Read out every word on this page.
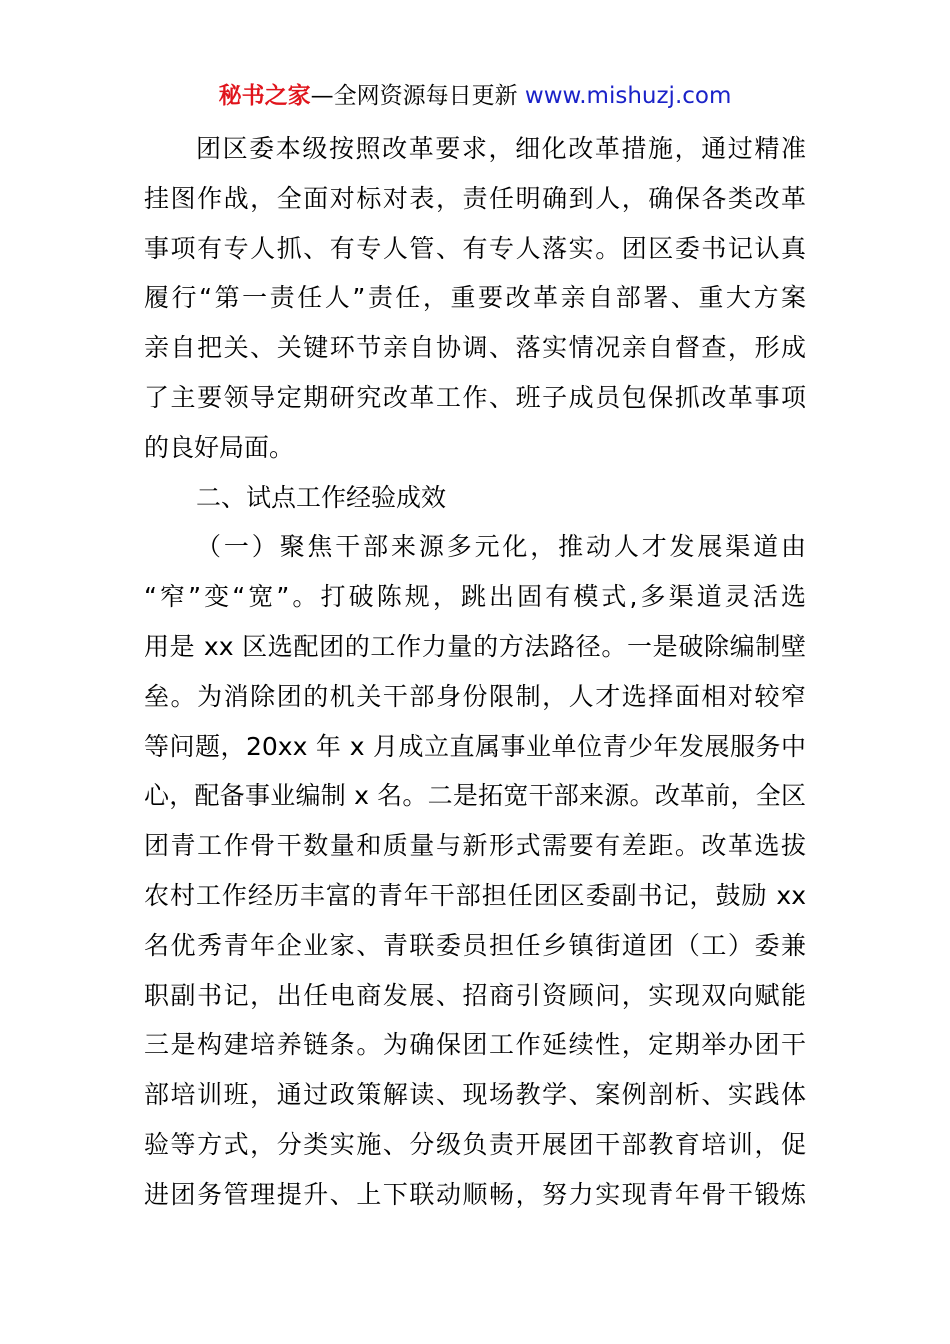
秘书之家—全网资源每日更新 www.mishuzj.com
团区委本级按照改革要求，细化改革措施，通过精准
挂图作战，全面对标对表，责任明确到人，确保各类改革
事项有专人抓、有专人管、有专人落实。团区委书记认真
履行“第一责任人”责任，重要改革亲自部署、重大方案
亲自把关、关键环节亲自协调、落实情况亲自督查，形成
了主要领导定期研究改革工作、班子成员包保抓改革事项
的良好局面。
二、试点工作经验成效
（一）聚焦干部来源多元化，推动人才发展渠道由
“窄”变“宽”。打破陈规，跳出固有模式,多渠道灵活选
用是 xx 区选配团的工作力量的方法路径。一是破除编制壁
垒。为消除团的机关干部身份限制，人才选择面相对较窄
等问题，20xx 年 x 月成立直属事业单位青少年发展服务中
心，配备事业编制 x 名。二是拓宽干部来源。改革前，全区
团青工作骨干数量和质量与新形式需要有差距。改革选拔
农村工作经历丰富的青年干部担任团区委副书记，鼓励 xx
名优秀青年企业家、青联委员担任乡镇街道团（工）委兼
职副书记，出任电商发展、招商引资顾问，实现双向赋能
三是构建培养链条。为确保团工作延续性，定期举办团干
部培训班，通过政策解读、现场教学、案例剖析、实践体
验等方式，分类实施、分级负责开展团干部教育培训，促
进团务管理提升、上下联动顺畅，努力实现青年骨干锻炼
